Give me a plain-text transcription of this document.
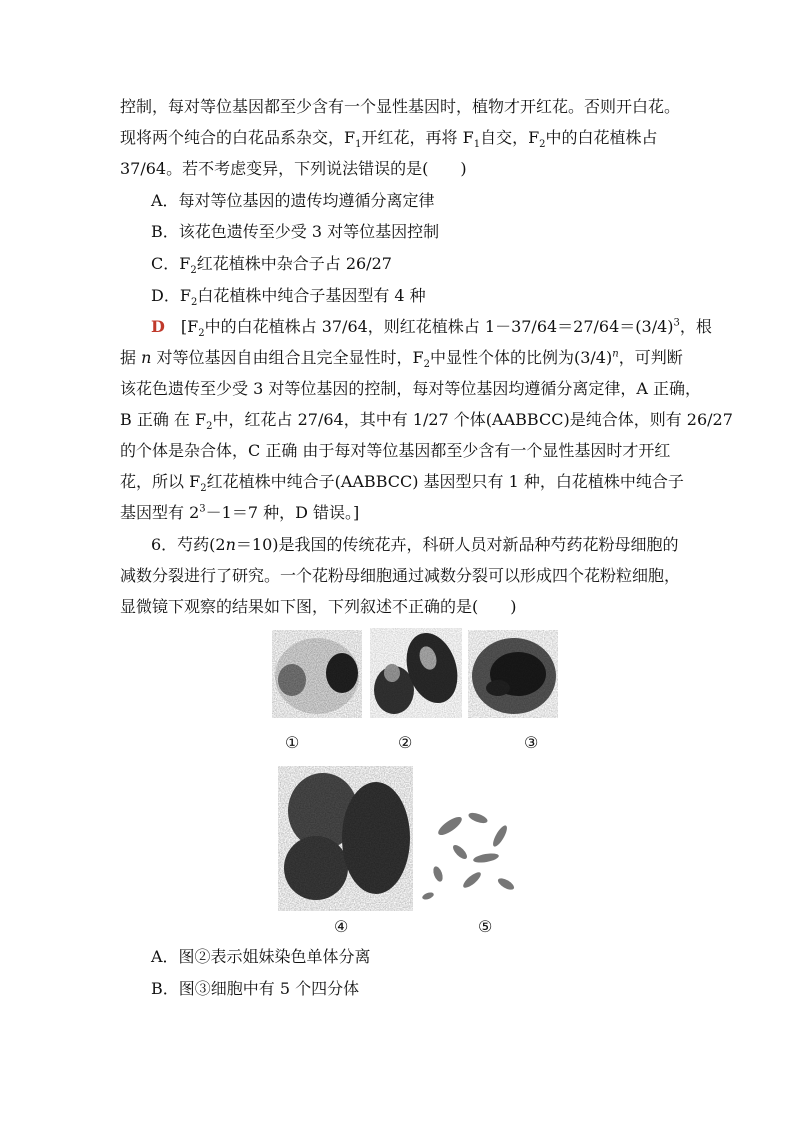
控制，每对等位基因都至少含有一个显性基因时，植物才开红花。否则开白花。
现将两个纯合的白花品系杂交，$F_1$开红花，再将 $F_1$自交，$F_2$中的白花植株占
37/64。若不考虑变异，下列说法错误的是(　　)
A．每对等位基因的遗传均遵循分离定律
B．该花色遗传至少受 3 对等位基因控制
C．$F_2$红花植株中杂合子占 26/27
D．$F_2$白花植株中纯合子基因型有 4 种
D　[$F_2$中的白花植株占 37/64，则红花植株占 $1-37/64=27/64=(3/4)^3$，根
据 n 对等位基因自由组合且完全显性时，$F_2$中显性个体的比例为$(3/4)^n$，可判断
该花色遗传至少受 3 对等位基因的控制，每对等位基因均遵循分离定律，A 正确，
B 正确 在 $F_2$中，红花占 27/64，其中有 1/27 个体(AABBCC)是纯合体，则有 26/27
的个体是杂合体，C 正确 由于每对等位基因都至少含有一个显性基因时才开红
花，所以 $F_2$红花植株中纯合子(AABBCC) 基因型只有 1 种，白花植株中纯合子
基因型有 $2^3-1=7$ 种，D 错误。]
6．芍药(2n＝10)是我国的传统花卉，科研人员对新品种芍药花粉母细胞的
减数分裂进行了研究。一个花粉母细胞通过减数分裂可以形成四个花粉粒细胞，
显微镜下观察的结果如下图，下列叙述不正确的是(　　)
①	②	③
④	⑤
A．图②表示姐妹染色单体分离
B．图③细胞中有 5 个四分体
